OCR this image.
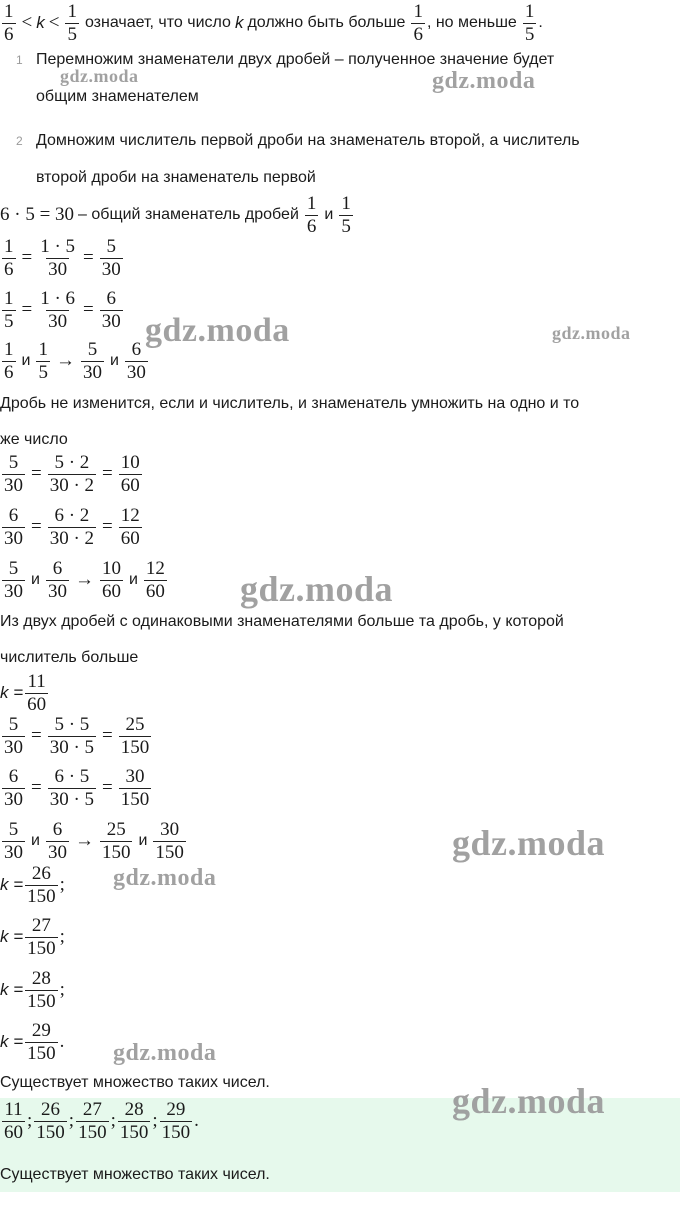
$\frac{1}{6} < k < \frac{1}{5}$ означает, что число k должно быть больше $\frac{1}{6}$ , но меньше $\frac{1}{5}$ .
1 Перемножим знаменатели двух дробей – полученное значение будет
общим знаменателем
2 Домножим числитель первой дроби на знаменатель второй, а числитель
второй дроби на знаменатель первой
6 · 5 = 30 – общий знаменатель дробей $\frac{1}{6}$ и $\frac{1}{5}$
$\frac{1}{6} = \frac{1 \cdot 5}{30} = \frac{5}{30}$
$\frac{1}{5} = \frac{1 \cdot 6}{30} = \frac{6}{30}$
$\frac{1}{6}$ и $\frac{1}{5} \to \frac{5}{30}$ и $\frac{6}{30}$
Дробь не изменится, если и числитель, и знаменатель умножить на одно и то
же число
$\frac{5}{30} = \frac{5 \cdot 2}{30 \cdot 2} = \frac{10}{60}$
$\frac{6}{30} = \frac{6 \cdot 2}{30 \cdot 2} = \frac{12}{60}$
$\frac{5}{30}$ и $\frac{6}{30} \to \frac{10}{60}$ и $\frac{12}{60}$
Из двух дробей с одинаковыми знаменателями больше та дробь, у которой
числитель больше
$k = \frac{11}{60}$
$\frac{5}{30} = \frac{5 \cdot 5}{30 \cdot 5} = \frac{25}{150}$
$\frac{6}{30} = \frac{6 \cdot 5}{30 \cdot 5} = \frac{30}{150}$
$\frac{5}{30}$ и $\frac{6}{30} \to \frac{25}{150}$ и $\frac{30}{150}$
$k = \frac{26}{150}$ ;
$k = \frac{27}{150}$ ;
$k = \frac{28}{150}$ ;
$k = \frac{29}{150}$ .
Существует множество таких чисел.
$\frac{11}{60}$ ; $\frac{26}{150}$ ; $\frac{27}{150}$ ; $\frac{28}{150}$ ; $\frac{29}{150}$ .
Существует множество таких чисел.
gdz.moda	gdz.moda
gdz.moda	gdz.moda
gdz.moda
gdz.moda
gdz.moda
gdz.moda
gdz.moda
